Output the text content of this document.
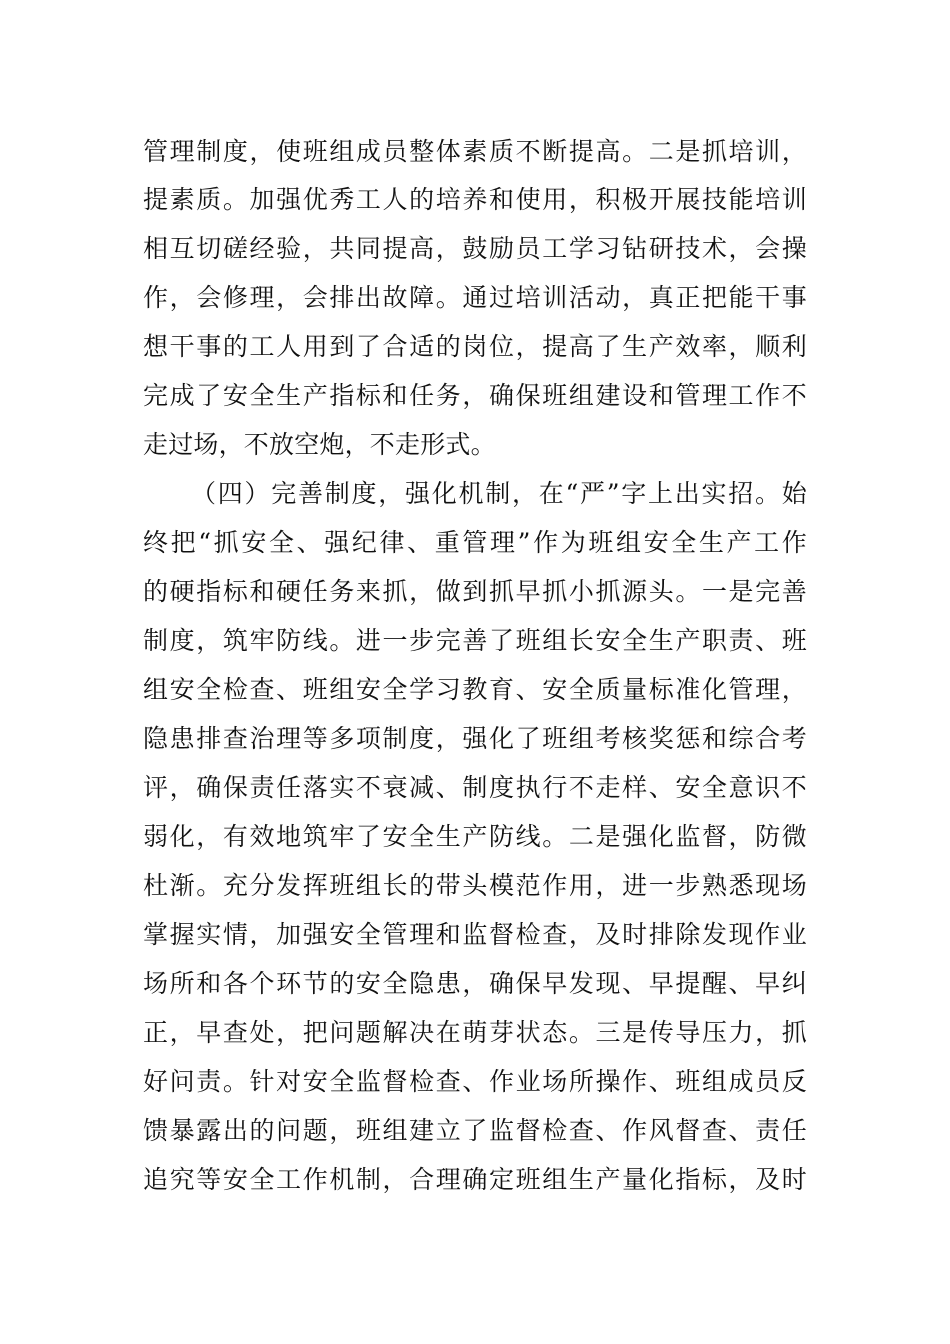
管理制度，使班组成员整体素质不断提高。二是抓培训，
提素质。加强优秀工人的培养和使用，积极开展技能培训
相互切磋经验，共同提高，鼓励员工学习钻研技术，会操
作，会修理，会排出故障。通过培训活动，真正把能干事
想干事的工人用到了合适的岗位，提高了生产效率，顺利
完成了安全生产指标和任务，确保班组建设和管理工作不
走过场，不放空炮，不走形式。
（四）完善制度，强化机制，在“严”字上出实招。始
终把“抓安全、强纪律、重管理”作为班组安全生产工作
的硬指标和硬任务来抓，做到抓早抓小抓源头。一是完善
制度，筑牢防线。进一步完善了班组长安全生产职责、班
组安全检查、班组安全学习教育、安全质量标准化管理，
隐患排查治理等多项制度，强化了班组考核奖惩和综合考
评，确保责任落实不衰减、制度执行不走样、安全意识不
弱化，有效地筑牢了安全生产防线。二是强化监督，防微
杜渐。充分发挥班组长的带头模范作用，进一步熟悉现场
掌握实情，加强安全管理和监督检查，及时排除发现作业
场所和各个环节的安全隐患，确保早发现、早提醒、早纠
正，早查处，把问题解决在萌芽状态。三是传导压力，抓
好问责。针对安全监督检查、作业场所操作、班组成员反
馈暴露出的问题，班组建立了监督检查、作风督查、责任
追究等安全工作机制，合理确定班组生产量化指标，及时
